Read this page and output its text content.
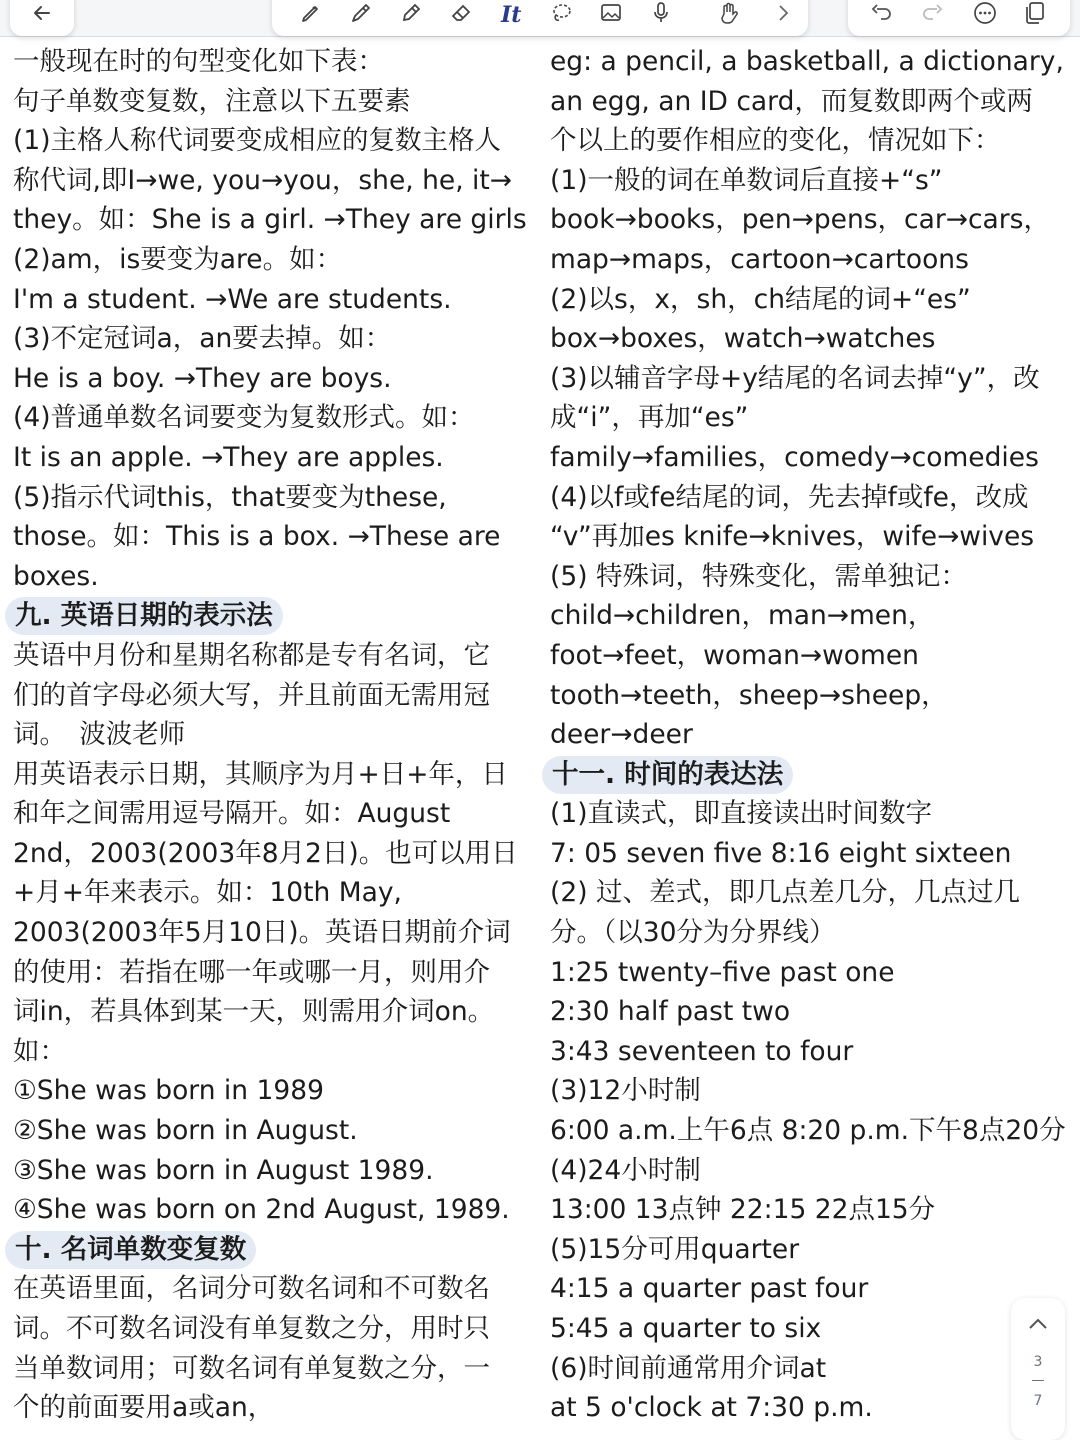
It
一般现在时的句型变化如下表：
句子单数变复数，注意以下五要素
(1)主格人称代词要变成相应的复数主格人
称代词,即I→we, you→you，she, he, it→
they。如：She is a girl. →They are girls
(2)am，is要变为are。如：
I'm a student. →We are students.
(3)不定冠词a，an要去掉。如：
He is a boy. →They are boys.
(4)普通单数名词要变为复数形式。如：
It is an apple. →They are apples.
(5)指示代词this，that要变为these,
those。如：This is a box. →These are
boxes.
九. 英语日期的表示法
英语中月份和星期名称都是专有名词，它
们的首字母必须大写，并且前面无需用冠
词。　波波老师
用英语表示日期，其顺序为月+日+年，日
和年之间需用逗号隔开。如：August
2nd，2003(2003年8月2日)。也可以用日
+月+年来表示。如：10th May,
2003(2003年5月10日)。英语日期前介词
的使用：若指在哪一年或哪一月，则用介
词in，若具体到某一天，则需用介词on。
如：
①She was born in 1989
②She was born in August.
③She was born in August 1989.
④She was born on 2nd August, 1989.
十. 名词单数变复数
在英语里面，名词分可数名词和不可数名
词。不可数名词没有单复数之分，用时只
当单数词用；可数名词有单复数之分，一
个的前面要用a或an，
eg: a pencil, a basketball, a dictionary,
an egg, an ID card，而复数即两个或两
个以上的要作相应的变化，情况如下：
(1)一般的词在单数词后直接+“s”
book→books，pen→pens，car→cars，
map→maps，cartoon→cartoons
(2)以s，x，sh，ch结尾的词+“es”
box→boxes，watch→watches
(3)以辅音字母+y结尾的名词去掉“y”，改
成“i”，再加“es”
family→families，comedy→comedies
(4)以f或fe结尾的词，先去掉f或fe，改成
“v”再加es knife→knives，wife→wives
(5) 特殊词，特殊变化，需单独记：
child→children，man→men，
foot→feet，woman→women
tooth→teeth，sheep→sheep，
deer→deer
十一. 时间的表达法
(1)直读式，即直接读出时间数字
7: 05 seven five 8:16 eight sixteen
(2) 过、差式，即几点差几分，几点过几
分。（以30分为分界线）
1:25 twenty–five past one
2:30 half past two
3:43 seventeen to four
(3)12小时制
6:00 a.m.上午6点 8:20 p.m.下午8点20分
(4)24小时制
13:00 13点钟 22:15 22点15分
(5)15分可用quarter
4:15 a quarter past four
5:45 a quarter to six
(6)时间前通常用介词at
at 5 o'clock at 7:30 p.m.
3
7
